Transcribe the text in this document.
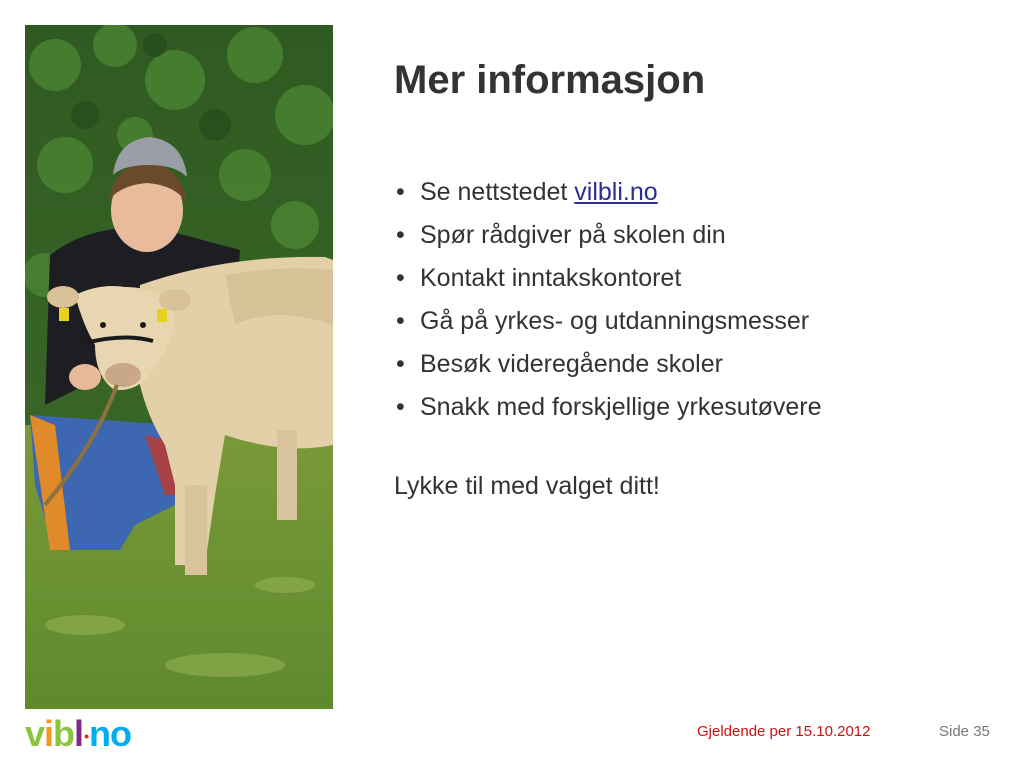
Mer informasjon
• Se nettstedet vilbli.no
• Spør rådgiver på skolen din
• Kontakt inntakskontoret
• Gå på yrkes- og utdanningsmesser
• Besøk videregående skoler
• Snakk med forskjellige yrkesutøvere
Lykke til med valget ditt!
vibl•no	Gjeldende per 15.10.2012	Side 35
